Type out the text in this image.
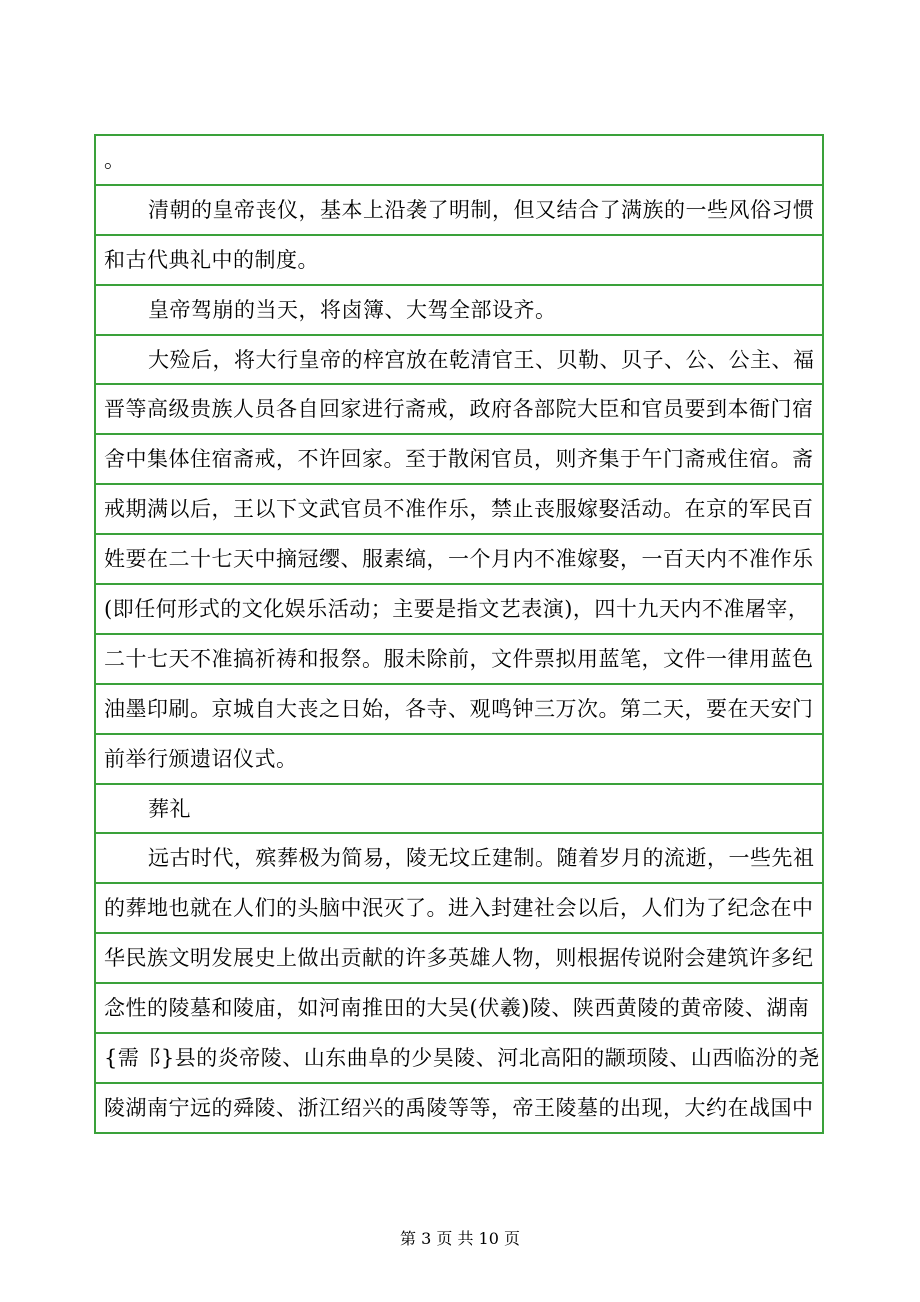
。
清朝的皇帝丧仪，基本上沿袭了明制，但又结合了满族的一些风俗习惯
和古代典礼中的制度。
皇帝驾崩的当天，将卤簿、大驾全部设齐。
大殓后，将大行皇帝的梓宫放在乾清官王、贝勒、贝子、公、公主、福
晋等高级贵族人员各自回家进行斋戒，政府各部院大臣和官员要到本衙门宿
舍中集体住宿斋戒，不许回家。至于散闲官员，则齐集于午门斋戒住宿。斋
戒期满以后，王以下文武官员不准作乐，禁止丧服嫁娶活动。在京的军民百
姓要在二十七天中摘冠缨、服素缟，一个月内不准嫁娶，一百天内不准作乐
(即任何形式的文化娱乐活动；主要是指文艺表演)，四十九天内不准屠宰，
二十七天不准搞祈祷和报祭。服未除前，文件票拟用蓝笔，文件一律用蓝色
油墨印刷。京城自大丧之日始，各寺、观鸣钟三万次。第二天，要在天安门
前举行颁遗诏仪式。
葬礼
远古时代，殡葬极为简易，陵无坟丘建制。随着岁月的流逝，一些先祖
的葬地也就在人们的头脑中泯灭了。进入封建社会以后，人们为了纪念在中
华民族文明发展史上做出贡献的许多英雄人物，则根据传说附会建筑许多纪
念性的陵墓和陵庙，如河南推田的大吴(伏羲)陵、陕西黄陵的黄帝陵、湖南
{需⻏}县的炎帝陵、山东曲阜的少昊陵、河北高阳的颛顼陵、山西临汾的尧
陵湖南宁远的舜陵、浙江绍兴的禹陵等等，帝王陵墓的出现，大约在战国中
第 3 页 共 10 页
